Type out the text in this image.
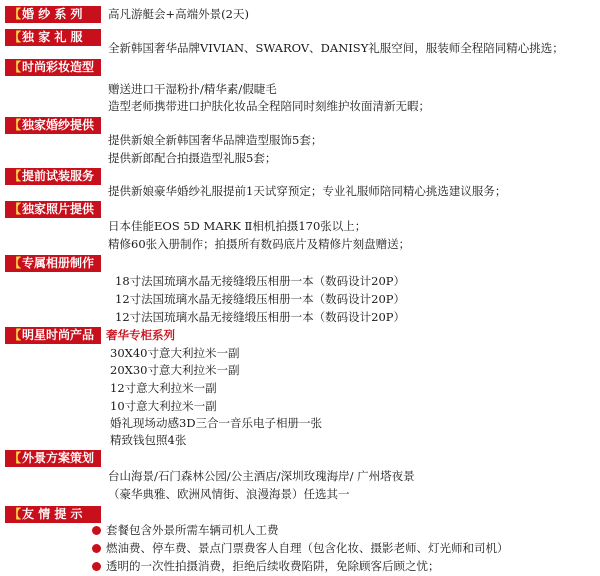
【婚 纱 系 列	高凡游艇会+高端外景(2天)
【独 家 礼 服
全新韩国奢华品牌VIVIAN、SWAROV、DANISY礼服空间，服装师全程陪同精心挑选；
【时尚彩妆造型
赠送进口干湿粉扑/精华素/假睫毛
造型老师携带进口护肤化妆品全程陪同时刻维护妆面清新无暇；
【独家婚纱提供
提供新娘全新韩国奢华品牌造型服饰5套；
提供新郎配合拍摄造型礼服5套；
【提前试装服务
提供新娘豪华婚纱礼服提前1天试穿预定；专业礼服师陪同精心挑选建议服务；
【独家照片提供
日本佳能EOS 5D MARK Ⅱ相机拍摄170张以上；
精修60张入册制作；拍摄所有数码底片及精修片刻盘赠送；
【专属相册制作
18寸法国琉璃水晶无接缝缎压相册一本（数码设计20P）
12寸法国琉璃水晶无接缝缎压相册一本（数码设计20P）
12寸法国琉璃水晶无接缝缎压相册一本（数码设计20P）
【明星时尚产品	奢华专柜系列
30X40寸意大利拉米一副
20X30寸意大利拉米一副
12寸意大利拉米一副
10寸意大利拉米一副
婚礼现场动感3D三合一音乐电子相册一张
精致钱包照4张
【外景方案策划
台山海景/石门森林公园/公主酒店/深圳玫瑰海岸/ 广州塔夜景
（豪华典雅、欧洲风情街、浪漫海景）任选其一
【友 情 提 示
套餐包含外景所需车辆司机人工费
燃油费、停车费、景点门票费客人自理（包含化妆、摄影老师、灯光师和司机）
透明的一次性拍摄消费，拒绝后续收费陷阱，免除顾客后顾之忧；
